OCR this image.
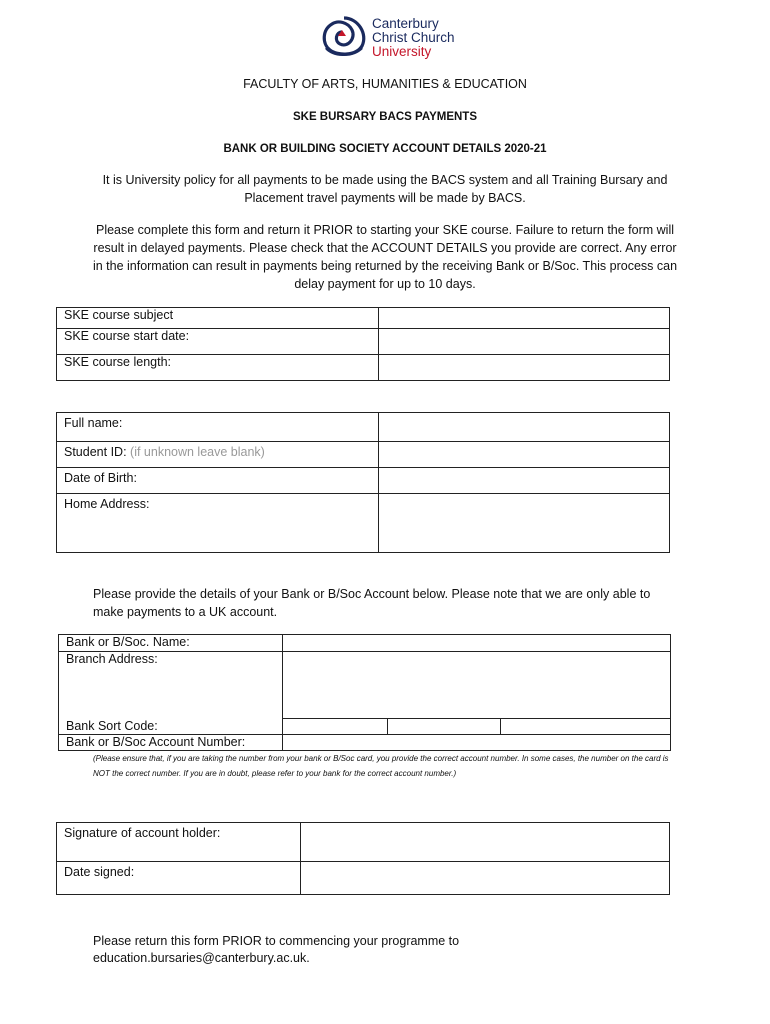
Canterbury
Christ Church
University
FACULTY OF ARTS, HUMANITIES & EDUCATION
SKE BURSARY BACS PAYMENTS
BANK OR BUILDING SOCIETY ACCOUNT DETAILS 2020-21
It is University policy for all payments to be made using the BACS system and all Training Bursary and Placement travel payments will be made by BACS.
Please complete this form and return it PRIOR to starting your SKE course. Failure to return the form will result in delayed payments. Please check that the ACCOUNT DETAILS you provide are correct. Any error in the information can result in payments being returned by the receiving Bank or B/Soc. This process can delay payment for up to 10 days.
SKE course subject	
SKE course start date:	
SKE course length:	
Full name:	
Student ID: (if unknown leave blank)	
Date of Birth:	
Home Address:	
Please provide the details of your Bank or B/Soc Account below. Please note that we are only able to make payments to a UK account.
Bank or B/Soc. Name:			
Branch Address:			
Bank Sort Code:			
Bank or B/Soc Account Number:			
(Please ensure that, if you are taking the number from your bank or B/Soc card, you provide the correct account number. In some cases, the number on the card is NOT the correct number. If you are in doubt, please refer to your bank for the correct account number.)
Signature of account holder:	
Date signed:	
Please return this form PRIOR to commencing your programme to
education.bursaries@canterbury.ac.uk.
